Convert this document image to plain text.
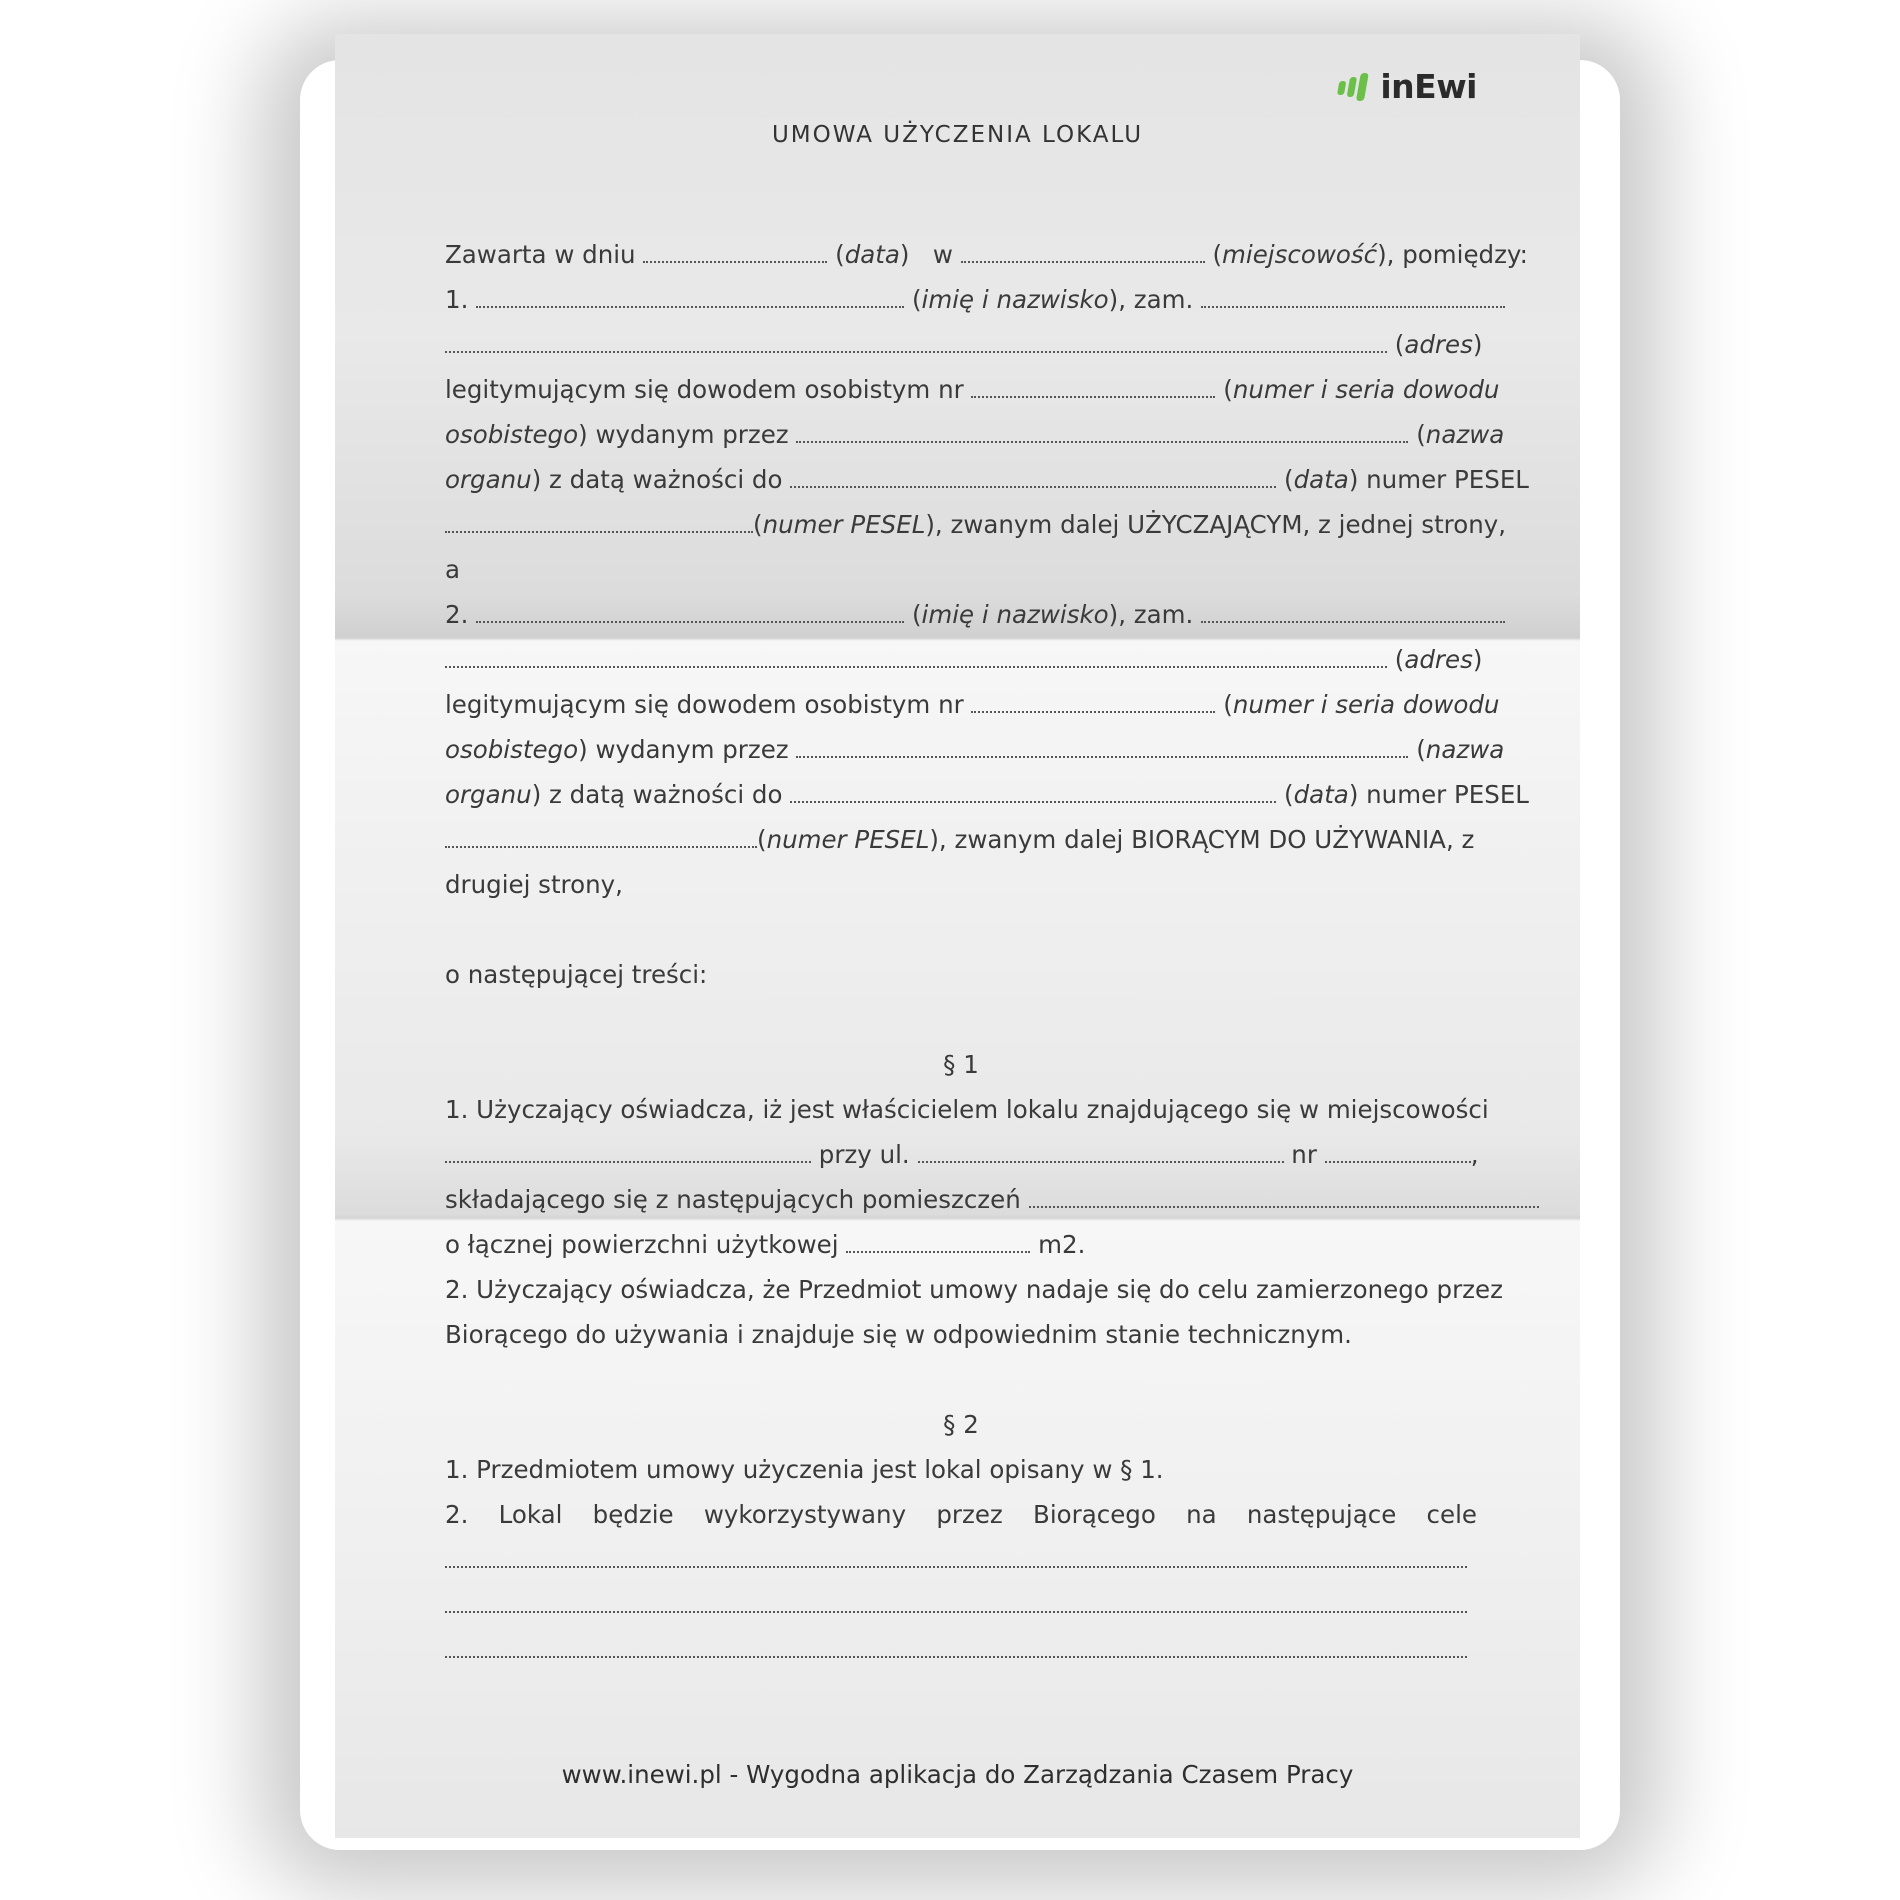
inEwi
UMOWA UŻYCZENIA LOKALU
Zawarta w dniu	(data)   w	(miejscowość), pomiędzy:
1.	(imię i nazwisko), zam.
(adres)
legitymującym się dowodem osobistym nr	(numer i seria dowodu
osobistego) wydanym przez	(nazwa
organu) z datą ważności do	(data) numer PESEL
(numer PESEL), zwanym dalej UŻYCZAJĄCYM, z jednej strony,
a
2.	(imię i nazwisko), zam.
(adres)
legitymującym się dowodem osobistym nr	(numer i seria dowodu
osobistego) wydanym przez	(nazwa
organu) z datą ważności do	(data) numer PESEL
(numer PESEL), zwanym dalej BIORĄCYM DO UŻYWANIA, z
drugiej strony,
o następującej treści:
§ 1
1. Użyczający oświadcza, iż jest właścicielem lokalu znajdującego się w miejscowości
przy ul.	nr	,
składającego się z następujących pomieszczeń
o łącznej powierzchni użytkowej	m2.
2. Użyczający oświadcza, że Przedmiot umowy nadaje się do celu zamierzonego przez
Biorącego do używania i znajduje się w odpowiednim stanie technicznym.
§ 2
1. Przedmiotem umowy użyczenia jest lokal opisany w § 1.
2. Lokal będzie wykorzystywany przez Biorącego na następujące cele
www.inewi.pl - Wygodna aplikacja do Zarządzania Czasem Pracy
